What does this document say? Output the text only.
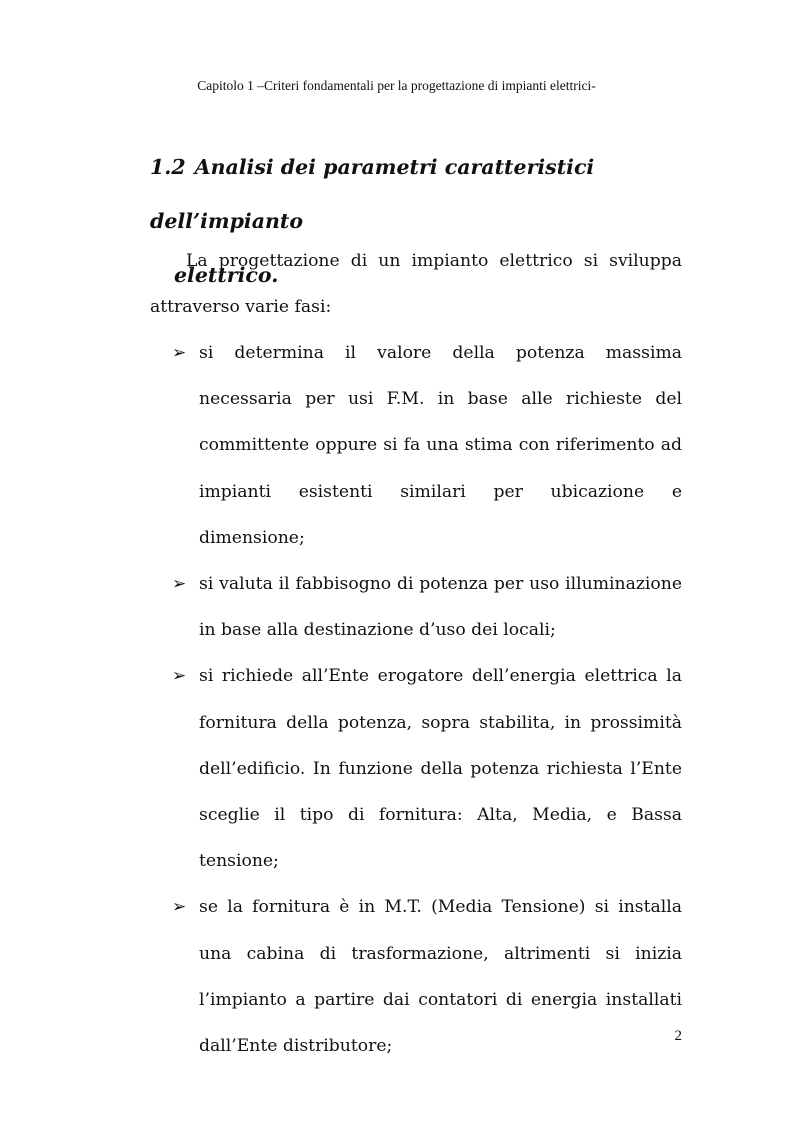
Capitolo 1 –Criteri fondamentali per la progettazione di impianti elettrici-
1.2 Analisi dei parametri caratteristici dell’impianto
elettrico.

La progettazione di un impianto elettrico si sviluppa attraverso varie fasi:

➢ si determina il valore della potenza massima necessaria per usi F.M. in base alle richieste del committente oppure si fa una stima con riferimento ad impianti esistenti similari per ubicazione e dimensione;
➢ si valuta il fabbisogno di potenza per uso illuminazione in base alla destinazione d’uso dei locali;
➢ si richiede all’Ente erogatore dell’energia elettrica la fornitura della potenza, sopra stabilita, in prossimità dell’edificio. In funzione della potenza richiesta l’Ente sceglie il tipo di fornitura: Alta, Media, e Bassa tensione;
➢ se la fornitura è in M.T. (Media Tensione) si installa una cabina di trasformazione, altrimenti si inizia l’impianto a partire dai contatori di energia installati dall’Ente distributore;
2
